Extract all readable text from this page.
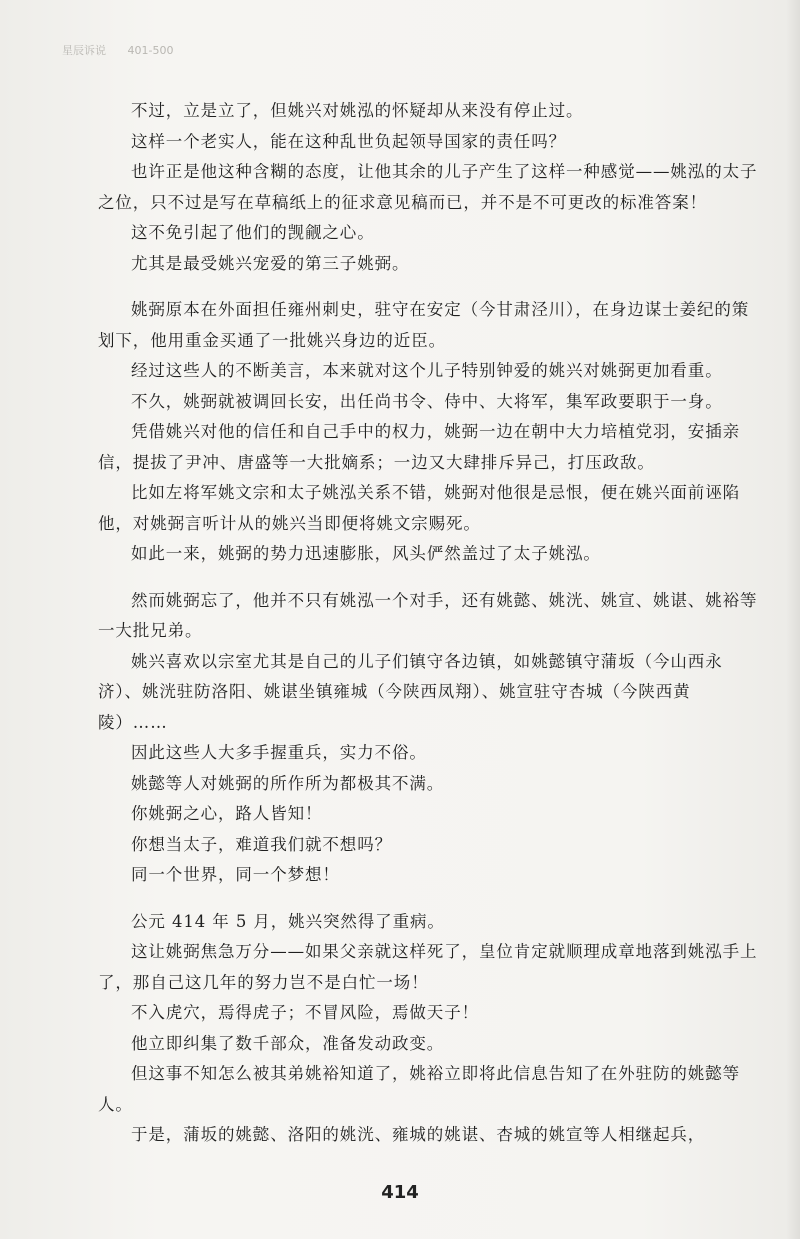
星辰诉说 401-500

不过，立是立了，但姚兴对姚泓的怀疑却从来没有停止过。

这样一个老实人，能在这种乱世负起领导国家的责任吗？

也许正是他这种含糊的态度，让他其余的儿子产生了这样一种感觉——姚泓的太子之位，只不过是写在草稿纸上的征求意见稿而已，并不是不可更改的标准答案！

这不免引起了他们的觊觎之心。

尤其是最受姚兴宠爱的第三子姚弼。

姚弼原本在外面担任雍州刺史，驻守在安定（今甘肃泾川），在身边谋士姜纪的策划下，他用重金买通了一批姚兴身边的近臣。

经过这些人的不断美言，本来就对这个儿子特别钟爱的姚兴对姚弼更加看重。

不久，姚弼就被调回长安，出任尚书令、侍中、大将军，集军政要职于一身。

凭借姚兴对他的信任和自己手中的权力，姚弼一边在朝中大力培植党羽，安插亲信，提拔了尹冲、唐盛等一大批嫡系；一边又大肆排斥异己，打压政敌。

比如左将军姚文宗和太子姚泓关系不错，姚弼对他很是忌恨，便在姚兴面前诬陷他，对姚弼言听计从的姚兴当即便将姚文宗赐死。

如此一来，姚弼的势力迅速膨胀，风头俨然盖过了太子姚泓。

然而姚弼忘了，他并不只有姚泓一个对手，还有姚懿、姚洸、姚宣、姚谌、姚裕等一大批兄弟。

姚兴喜欢以宗室尤其是自己的儿子们镇守各边镇，如姚懿镇守蒲坂（今山西永济）、姚洸驻防洛阳、姚谌坐镇雍城（今陕西凤翔）、姚宣驻守杏城（今陕西黄陵）……

因此这些人大多手握重兵，实力不俗。

姚懿等人对姚弼的所作所为都极其不满。

你姚弼之心，路人皆知！

你想当太子，难道我们就不想吗？

同一个世界，同一个梦想！

公元 414 年 5 月，姚兴突然得了重病。

这让姚弼焦急万分——如果父亲就这样死了，皇位肯定就顺理成章地落到姚泓手上了，那自己这几年的努力岂不是白忙一场！

不入虎穴，焉得虎子；不冒风险，焉做天子！

他立即纠集了数千部众，准备发动政变。

但这事不知怎么被其弟姚裕知道了，姚裕立即将此信息告知了在外驻防的姚懿等人。

于是，蒲坂的姚懿、洛阳的姚洸、雍城的姚谌、杏城的姚宣等人相继起兵，

414
